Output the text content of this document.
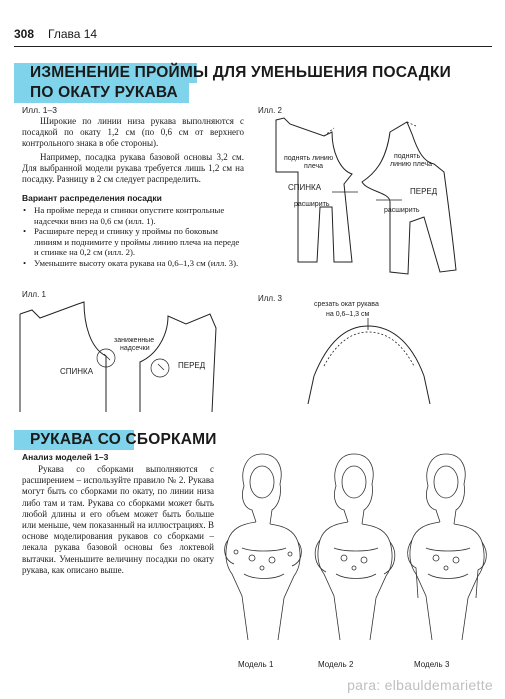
308 Глава 14
ИЗМЕНЕНИЕ ПРОЙМЫ ДЛЯ УМЕНЬШЕНИЯ ПОСАДКИ
ПО ОКАТУ РУКАВА
Илл. 1–3
Широкие по линии низа рукава выполняются с посадкой по окату 1,2 см (по 0,6 см от верхнего контрольного знака в обе стороны).
Например, посадка рукава базовой основы 3,2 см. Для выбранной модели рукава требуется лишь 1,2 см на посадку. Разницу в 2 см следует распределить.
Вариант распределения посадки
• На пройме переда и спинки опустите контрольные надсечки вниз на 0,6 см (илл. 1).
• Расширьте перед и спинку у проймы по боковым линиям и поднимите у проймы линию плеча на переде и спинке на 0,2 см (илл. 2).
• Уменьшите высоту оката рукава на 0,6–1,3 см (илл. 3).
Илл. 2
поднять линию
плеча
поднять
линию плеча
СПИНКА	ПЕРЕД
расширить
расширить
Илл. 1
заниженные
надсечки
СПИНКА
ПЕРЕД
Илл. 3
срезать окат рукава
на 0,6–1,3 см
РУКАВА СО СБОРКАМИ
Анализ моделей 1–3
Рукава со сборками выполняются с расширением – используйте правило № 2. Рукава могут быть со сборками по окату, по линии низа либо там и там. Рукава со сборками может быть любой длины и его объем может быть больше или меньше, чем показанный на иллюстрациях. В основе моделирования рукавов со сборками – лекала рукава базовой основы без локтевой вытачки. Уменьшите величину посадки по окату рукава, как описано выше.
Модель 1	Модель 2	Модель 3
para: elbauldemariette
